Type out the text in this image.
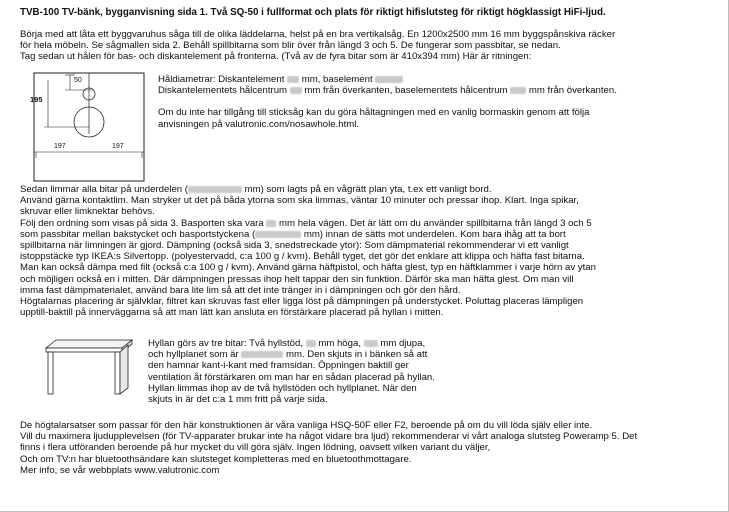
TVB-100 TV-bänk, bygganvisning sida 1. Två SQ-50 i fullformat och plats för riktigt hifislutsteg för riktigt högklassigt HiFi-ljud.
Börja med att låta ett byggvaruhus såga till de olika läddelarna, helst på en bra vertikalsåg. En 1200x2500 mm 16 mm byggspånskiva räcker
för hela möbeln. Se sågmallen sida 2. Behåll spillbitarna som blir över från längd 3 och 5. De fungerar som passbitar, se nedan.
Tag sedan ut hålen för bas- och diskantelement på fronterna. (Två av de fyra bitar som är 410x394 mm) Här är ritningen:
50
195
197	197

Håldiametrar: Diskantelement  mm, baselement

Diskantelementets hålcentrum  mm från överkanten, baselementets hålcentrum  mm från överkanten.

Om du inte har tillgång till sticksåg kan du göra håltagningen med en vanlig bormaskin genom att följa
anvisningen på valutronic.com/nosawhole.html.
Sedan limmar alla bitar på underdelen (	mm) som lagts på en vågrätt plan yta, t.ex ett vanligt bord.
Använd gärna kontaktlim. Man stryker ut det på båda ytorna som ska limmas, väntar 10 minuter och pressar ihop. Klart. Inga spikar,
skruvar eller limknektar behövs.
Följ den ordning som visas på sida 3. Basporten ska vara  mm hela vägen. Det är lätt om du använder spillbitarna från längd 3 och 5
som passbitar mellan bakstycket och basportstyckena (	mm) innan de sätts mot underdelen. Kom bara ihåg att ta bort
spillbitarna när limningen är gjord. Dämpning (också sida 3, snedstreckade ytor): Som dämpmaterial rekommenderar vi ett vanligt
istoppstäcke typ IKEA:s Silvertopp. (polyestervadd, c:a 100 g / kvm). Behåll tyget, det gör det enklare att klippa och häfta fast bitarna.
Man kan också dämpa med filt (också c:a 100 g / kvm). Använd gärna häftpistol, och häfta glest, typ en häftklammer i varje hörn av ytan
och möjligen också en i mitten. Där dämpningen pressas ihop helt tappar den sin funktion. Därför ska man häfta glest. Om man vill
imma fast dämpmaterialet, använd bara lite lim så att det inte tränger in i dämpningen och gör den hård.
Högtalarnas placering är självklar, filtret kan skruvas fast eller ligga löst på dämpningen på understycket. Poluttag placeras lämpligen
upptill-baktill på innerväggarna så att man lätt kan ansluta en förstärkare placerad på hyllan i mitten.
Hyllan görs av tre bitar: Två hyllstöd,  mm höga,  mm djupa,
och hyllplanet som är	mm. Den skjuts in i bänken så att
den hamnar kant-i-kant med framsidan. Öppningen baktill ger
ventilation åt förstärkaren om man har en sådan placerad på hyllan.
Hyllan limmas ihop av de två hyllstöden och hyllplanet. När den
skjuts in är det c:a 1 mm fritt på varje sida.
De högtalarsatser som passar för den här konstruktionen är våra vanliga HSQ-50F eller F2, beroende på om du vill löda själv eller inte.
Vill du maximera ljudupplevelsen (för TV-apparater brukar inte ha något vidare bra ljud) rekommenderar vi vårt analoga slutsteg Poweramp 5. Det
finns i flera utföranden beroende på hur mycket du vill göra själv. Ingen lödning, oavsett vilken variant du väljer,
Och om TV:n har bluetoothsändare kan slutsteget kompletteras med en bluetoothmottagare.
Mer info, se vår webbplats www.valutronic.com
